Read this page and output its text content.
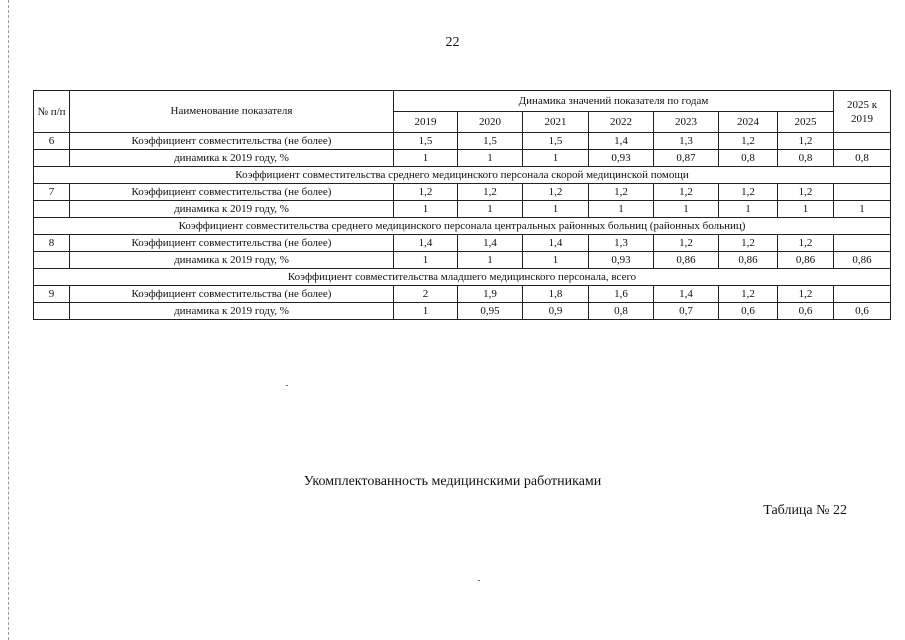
22
№ п/п	Наименование показателя	Динамика значений показателя по годам							2025 к 2019
		2019	2020	2021	2022	2023	2024	2025	
6	Коэффициент совместительства (не более)	1,5	1,5	1,5	1,4	1,3	1,2	1,2	
	динамика к 2019 году, %	1	1	1	0,93	0,87	0,8	0,8	0,8
Коэффициент совместительства среднего медицинского персонала скорой медицинской помощи									
7	Коэффициент совместительства (не более)	1,2	1,2	1,2	1,2	1,2	1,2	1,2	
	динамика к 2019 году, %	1	1	1	1	1	1	1	1
Коэффициент совместительства среднего медицинского персонала центральных районных больниц (районных больниц)									
8	Коэффициент совместительства (не более)	1,4	1,4	1,4	1,3	1,2	1,2	1,2	
	динамика к 2019 году, %	1	1	1	0,93	0,86	0,86	0,86	0,86
Коэффициент совместительства младшего медицинского персонала, всего									
9	Коэффициент совместительства (не более)	2	1,9	1,8	1,6	1,4	1,2	1,2	
	динамика к 2019 году, %	1	0,95	0,9	0,8	0,7	0,6	0,6	0,6
Укомплектованность медицинскими работниками
Таблица № 22
